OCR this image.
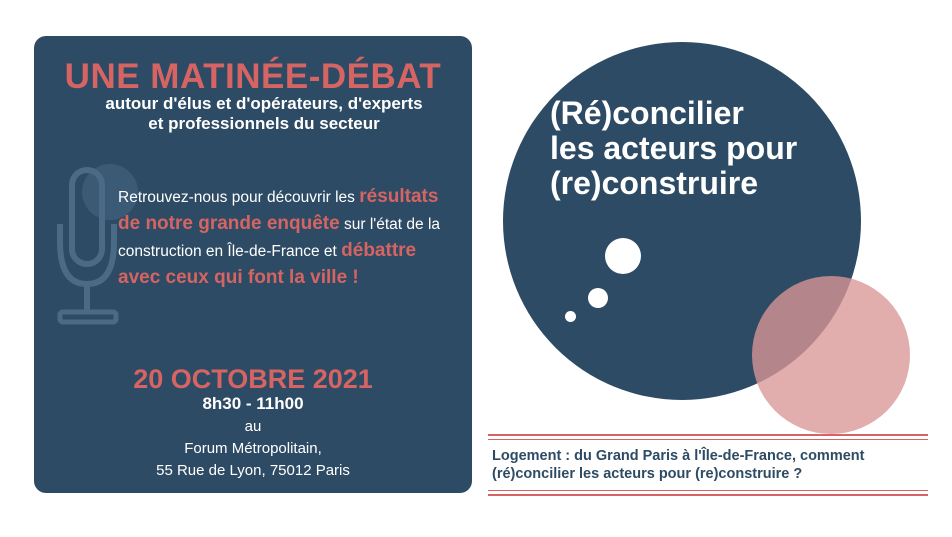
UNE MATINÉE-DÉBAT
autour d'élus et d'opérateurs, d'experts
et professionnels du secteur
Retrouvez-nous pour découvrir les résultats de notre grande enquête sur l'état de la construction en Île-de-France et débattre avec ceux qui font la ville !
20 OCTOBRE 2021
8h30 - 11h00
au
Forum Métropolitain,
55 Rue de Lyon, 75012 Paris
(Ré)concilier
les acteurs pour
(re)construire
Logement : du Grand Paris à l'Île-de-France, comment
(ré)concilier les acteurs pour (re)construire ?
